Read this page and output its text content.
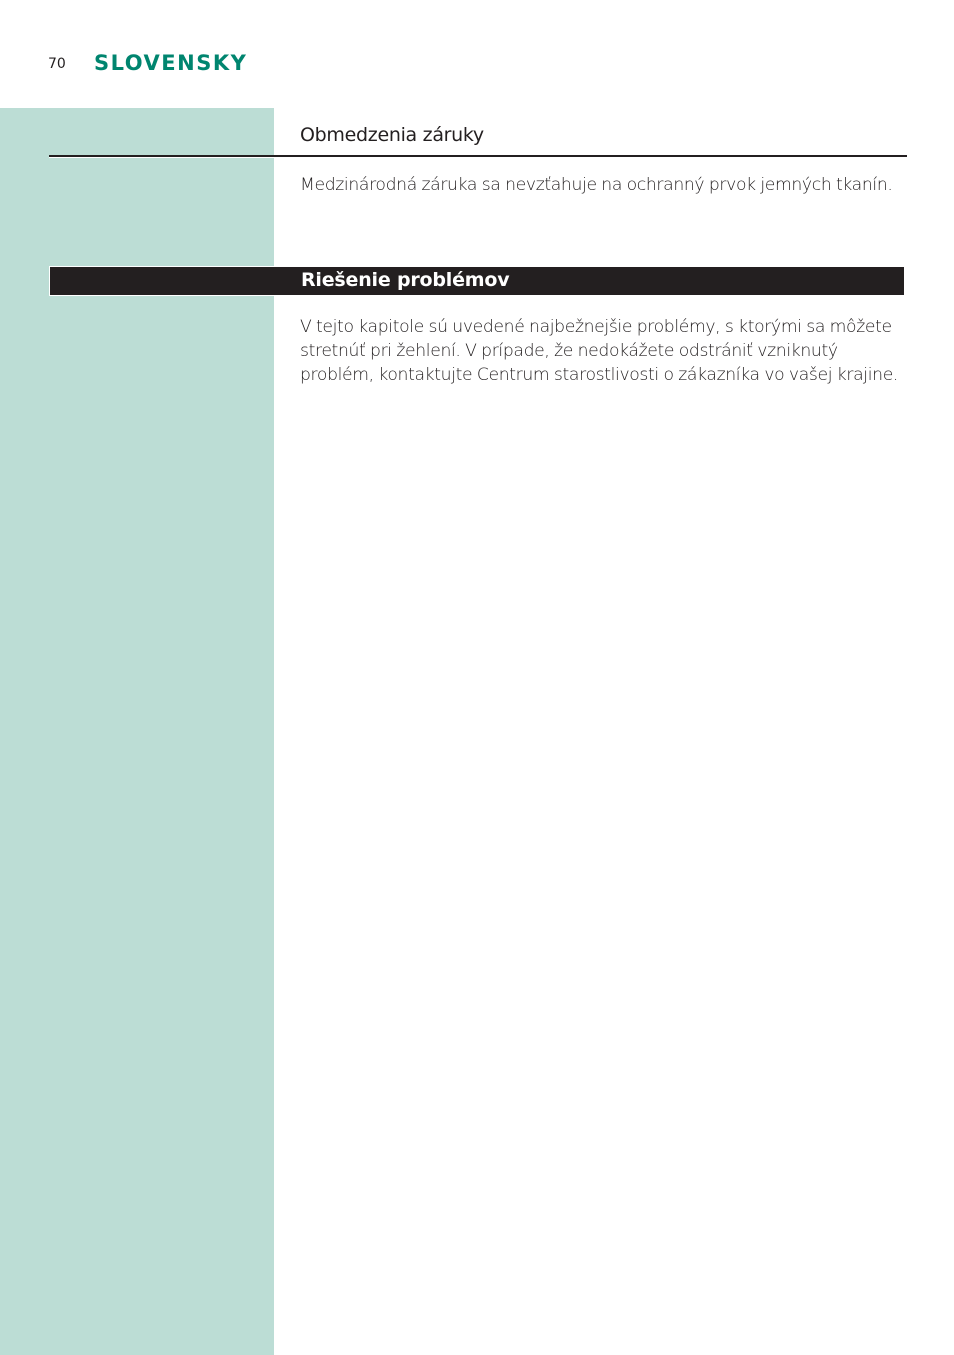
70 SLOVENSKY
Obmedzenia záruky

Medzinárodná záruka sa nevzťahuje na ochranný prvok jemných tkanín.

Riešenie problémov

V tejto kapitole sú uvedené najbežnejšie problémy, s ktorými sa môžete stretnúť pri žehlení. V prípade, že nedokážete odstrániť vzniknutý problém, kontaktujte Centrum starostlivosti o zákazníka vo vašej krajine.
